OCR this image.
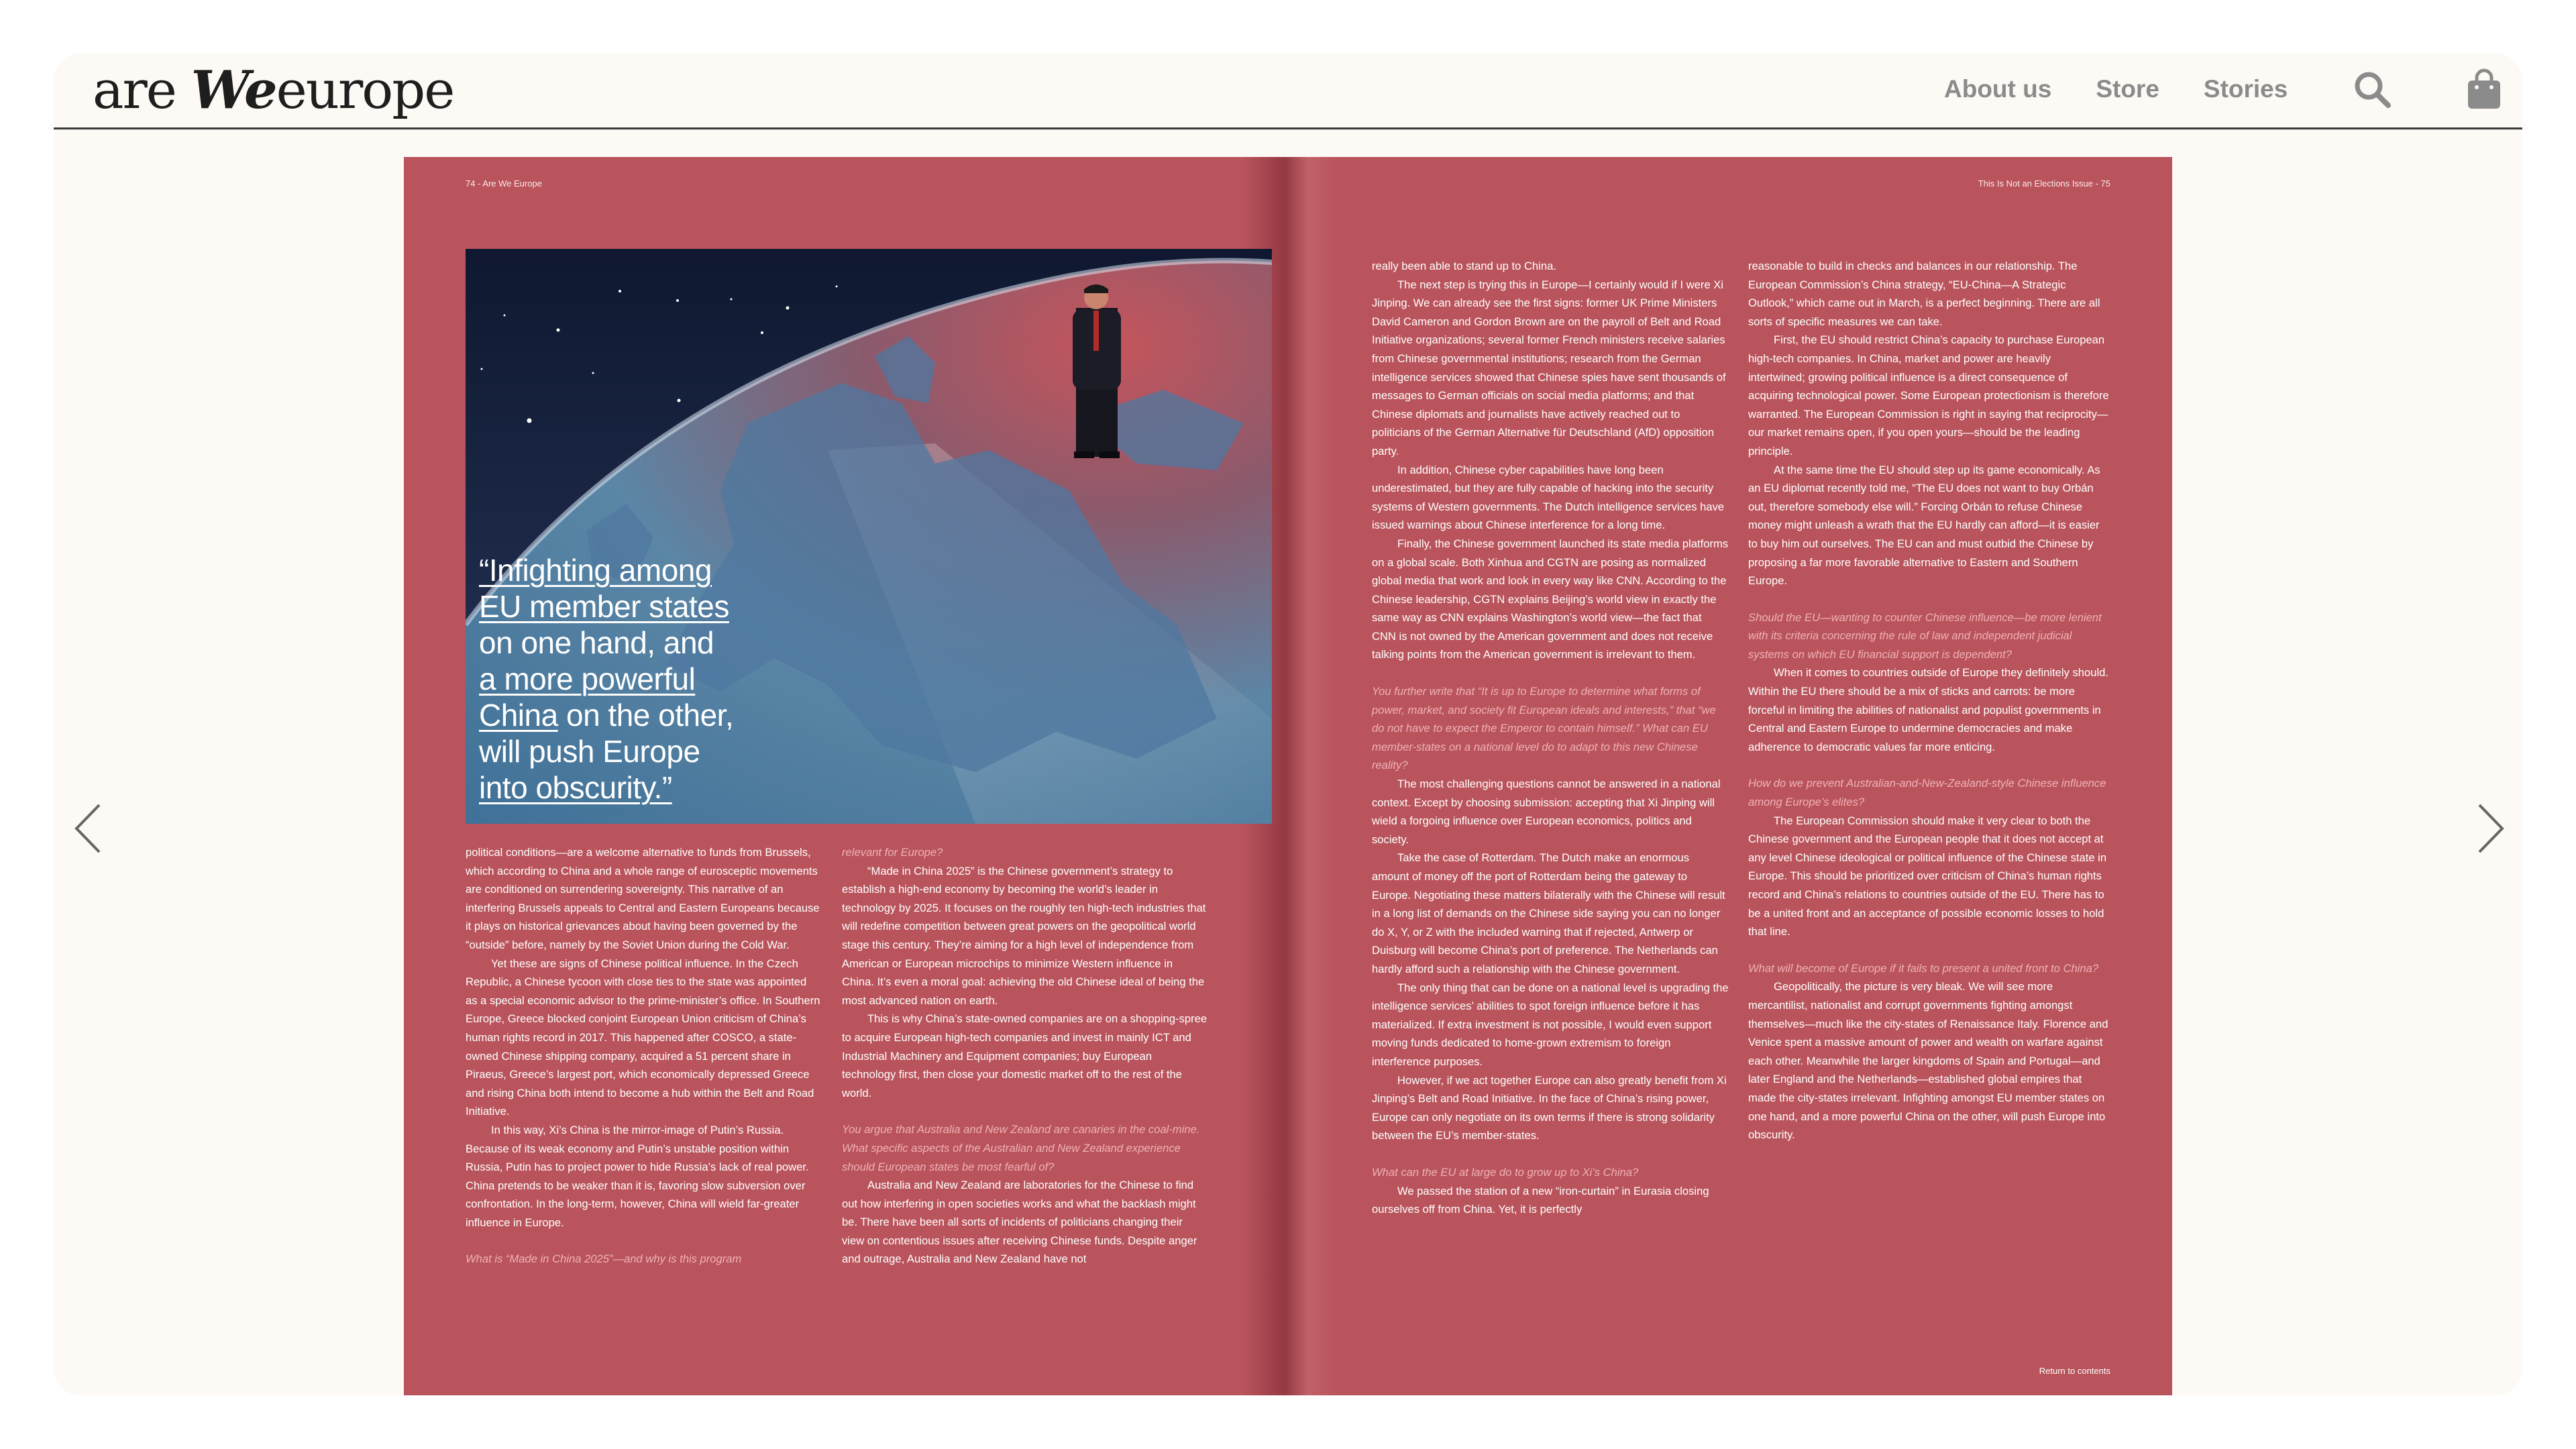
are Weeurope	About us Store Stories
74 - Are We Europe	This Is Not an Elections Issue - 75
“Infighting among
EU member states
on one hand, and
a more powerful
China on the other,
will push Europe
into obscurity.”

political conditions—are a welcome alternative to funds from Brussels, which according to China and a whole range of eurosceptic movements are conditioned on surrendering sovereignty. This narrative of an interfering Brussels appeals to Central and Eastern Europeans because it plays on historical grievances about having been governed by the “outside” before, namely by the Soviet Union during the Cold War.

Yet these are signs of Chinese political influence. In the Czech Republic, a Chinese tycoon with close ties to the state was appointed as a special economic advisor to the prime-minister’s office. In Southern Europe, Greece blocked conjoint European Union criticism of China’s human rights record in 2017. This happened after COSCO, a state-owned Chinese shipping company, acquired a 51 percent share in Piraeus, Greece’s largest port, which economically depressed Greece and rising China both intend to become a hub within the Belt and Road Initiative.

In this way, Xi’s China is the mirror-image of Putin’s Russia. Because of its weak economy and Putin’s unstable position within Russia, Putin has to project power to hide Russia’s lack of real power. China pretends to be weaker than it is, favoring slow subversion over confrontation. In the long-term, however, China will wield far-greater influence in Europe.

What is “Made in China 2025”—and why is this program

relevant for Europe?

“Made in China 2025” is the Chinese government’s strategy to establish a high-end economy by becoming the world’s leader in technology by 2025. It focuses on the roughly ten high-tech industries that will redefine competition between great powers on the geopolitical world stage this century. They’re aiming for a high level of independence from American or European microchips to minimize Western influence in China. It’s even a moral goal: achieving the old Chinese ideal of being the most advanced nation on earth.

This is why China’s state-owned companies are on a shopping-spree to acquire European high-tech companies and invest in mainly ICT and Industrial Machinery and Equipment companies; buy European technology first, then close your domestic market off to the rest of the world.

You argue that Australia and New Zealand are canaries in the coal-mine. What specific aspects of the Australian and New Zealand experience should European states be most fearful of?

Australia and New Zealand are laboratories for the Chinese to find out how interfering in open societies works and what the backlash might be. There have been all sorts of incidents of politicians changing their view on contentious issues after receiving Chinese funds. Despite anger and outrage, Australia and New Zealand have not

really been able to stand up to China.

The next step is trying this in Europe—I certainly would if I were Xi Jinping. We can already see the first signs: former UK Prime Ministers David Cameron and Gordon Brown are on the payroll of Belt and Road Initiative organizations; several former French ministers receive salaries from Chinese governmental institutions; research from the German intelligence services showed that Chinese spies have sent thousands of messages to German officials on social media platforms; and that Chinese diplomats and journalists have actively reached out to politicians of the German Alternative für Deutschland (AfD) opposition party.

In addition, Chinese cyber capabilities have long been underestimated, but they are fully capable of hacking into the security systems of Western governments. The Dutch intelligence services have issued warnings about Chinese interference for a long time.

Finally, the Chinese government launched its state media platforms on a global scale. Both Xinhua and CGTN are posing as normalized global media that work and look in every way like CNN. According to the Chinese leadership, CGTN explains Beijing’s world view in exactly the same way as CNN explains Washington’s world view—the fact that CNN is not owned by the American government and does not receive talking points from the American government is irrelevant to them.

You further write that “It is up to Europe to determine what forms of power, market, and society fit European ideals and interests,” that “we do not have to expect the Emperor to contain himself.” What can EU member-states on a national level do to adapt to this new Chinese reality?

The most challenging questions cannot be answered in a national context. Except by choosing submission: accepting that Xi Jinping will wield a forgoing influence over European economics, politics and society.

Take the case of Rotterdam. The Dutch make an enormous amount of money off the port of Rotterdam being the gateway to Europe. Negotiating these matters bilaterally with the Chinese will result in a long list of demands on the Chinese side saying you can no longer do X, Y, or Z with the included warning that if rejected, Antwerp or Duisburg will become China’s port of preference. The Netherlands can hardly afford such a relationship with the Chinese government.

The only thing that can be done on a national level is upgrading the intelligence services’ abilities to spot foreign influence before it has materialized. If extra investment is not possible, I would even support moving funds dedicated to home-grown extremism to foreign interference purposes.

However, if we act together Europe can also greatly benefit from Xi Jinping’s Belt and Road Initiative. In the face of China’s rising power, Europe can only negotiate on its own terms if there is strong solidarity between the EU’s member-states.

What can the EU at large do to grow up to Xi’s China?

We passed the station of a new “iron-curtain” in Eurasia closing ourselves off from China. Yet, it is perfectly

reasonable to build in checks and balances in our relationship. The European Commission’s China strategy, “EU-China—A Strategic Outlook,” which came out in March, is a perfect beginning. There are all sorts of specific measures we can take.

First, the EU should restrict China’s capacity to purchase European high-tech companies. In China, market and power are heavily intertwined; growing political influence is a direct consequence of acquiring technological power. Some European protectionism is therefore warranted. The European Commission is right in saying that reciprocity—our market remains open, if you open yours—should be the leading principle.

At the same time the EU should step up its game economically. As an EU diplomat recently told me, “The EU does not want to buy Orbán out, therefore somebody else will.” Forcing Orbán to refuse Chinese money might unleash a wrath that the EU hardly can afford—it is easier to buy him out ourselves. The EU can and must outbid the Chinese by proposing a far more favorable alternative to Eastern and Southern Europe.

Should the EU—wanting to counter Chinese influence—be more lenient with its criteria concerning the rule of law and independent judicial systems on which EU financial support is dependent?

When it comes to countries outside of Europe they definitely should. Within the EU there should be a mix of sticks and carrots: be more forceful in limiting the abilities of nationalist and populist governments in Central and Eastern Europe to undermine democracies and make adherence to democratic values far more enticing.

How do we prevent Australian-and-New-Zealand-style Chinese influence among Europe’s elites?

The European Commission should make it very clear to both the Chinese government and the European people that it does not accept at any level Chinese ideological or political influence of the Chinese state in Europe. This should be prioritized over criticism of China’s human rights record and China’s relations to countries outside of the EU. There has to be a united front and an acceptance of possible economic losses to hold that line.

What will become of Europe if it fails to present a united front to China?

Geopolitically, the picture is very bleak. We will see more mercantilist, nationalist and corrupt governments fighting amongst themselves—much like the city-states of Renaissance Italy. Florence and Venice spent a massive amount of power and wealth on warfare against each other. Meanwhile the larger kingdoms of Spain and Portugal—and later England and the Netherlands—established global empires that made the city-states irrelevant. Infighting amongst EU member states on one hand, and a more powerful China on the other, will push Europe into obscurity.

Return to contents
